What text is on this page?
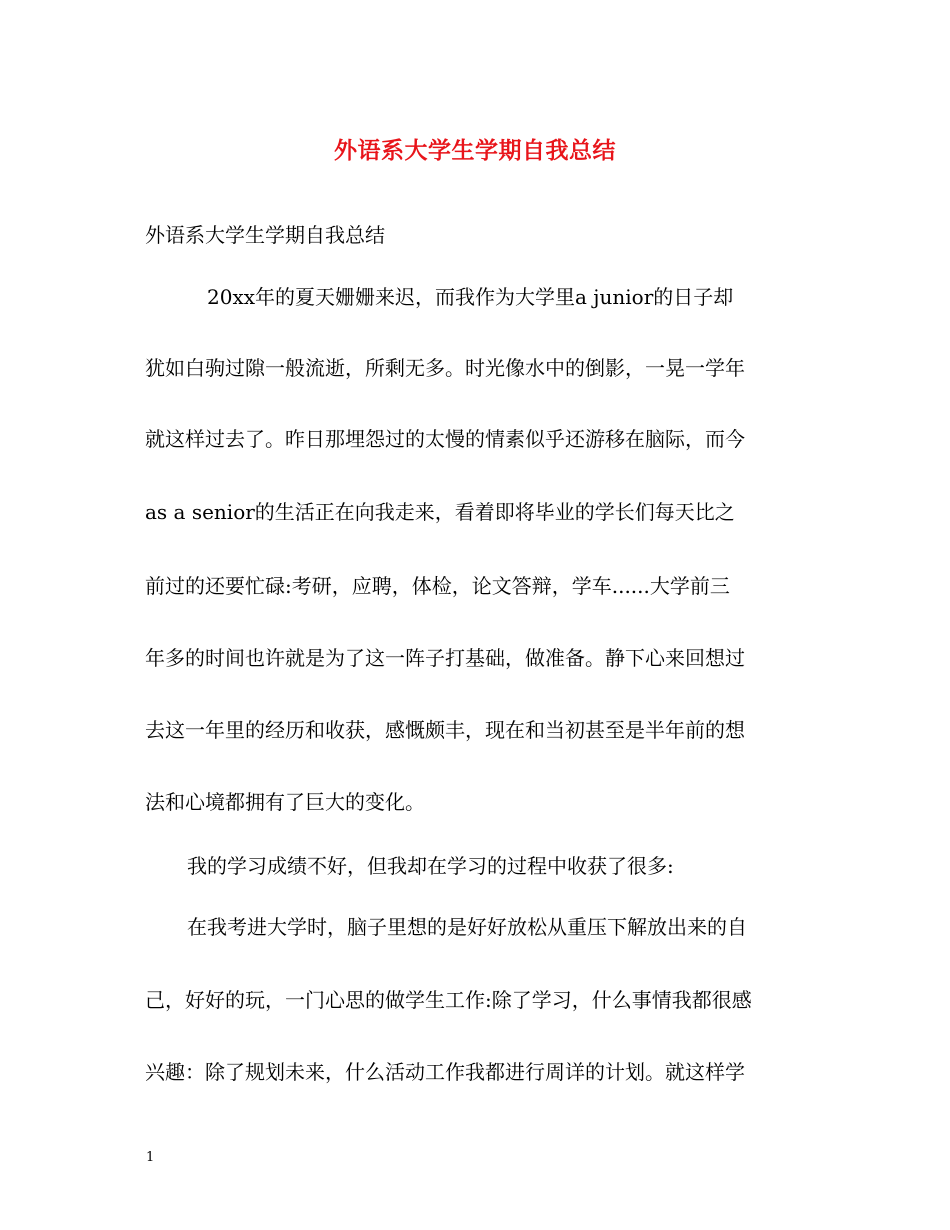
外语系大学生学期自我总结
外语系大学生学期自我总结
20xx年的夏天姗姗来迟，而我作为大学里a junior的日子却
犹如白驹过隙一般流逝，所剩无多。时光像水中的倒影，一晃一学年
就这样过去了。昨日那埋怨过的太慢的情素似乎还游移在脑际，而今
as a senior的生活正在向我走来，看着即将毕业的学长们每天比之
前过的还要忙碌:考研，应聘，体检，论文答辩，学车......大学前三
年多的时间也许就是为了这一阵子打基础，做准备。静下心来回想过
去这一年里的经历和收获，感慨颇丰，现在和当初甚至是半年前的想
法和心境都拥有了巨大的变化。
我的学习成绩不好，但我却在学习的过程中收获了很多:
在我考进大学时，脑子里想的是好好放松从重压下解放出来的自
己，好好的玩，一门心思的做学生工作:除了学习，什么事情我都很感
兴趣：除了规划未来，什么活动工作我都进行周详的计划。就这样学
1
